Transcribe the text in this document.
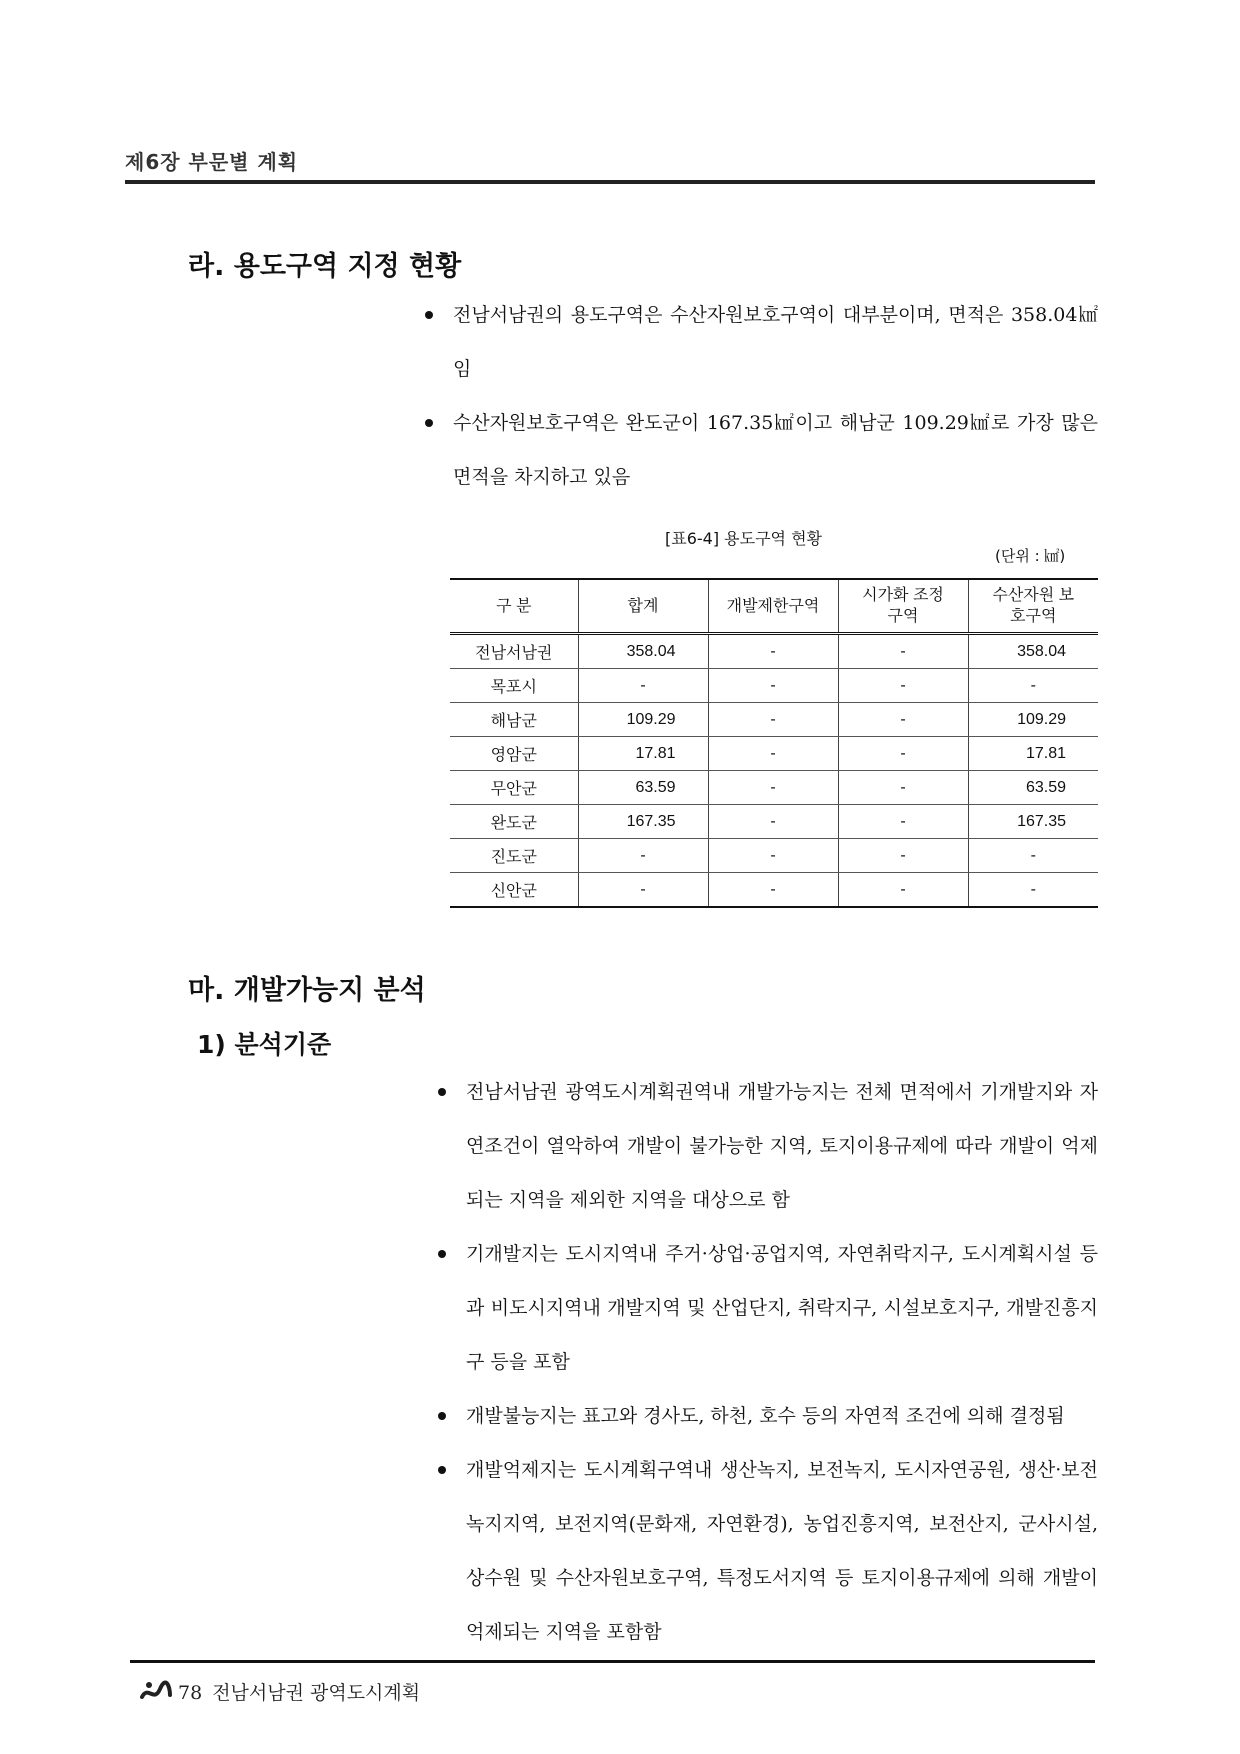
제6장 부문별 계획
라. 용도구역 지정 현황
전남서남권의 용도구역은 수산자원보호구역이 대부분이며, 면적은 358.04㎢임
수산자원보호구역은 완도군이 167.35㎢이고 해남군 109.29㎢로 가장 많은 면적을 차지하고 있음
[표6-4] 용도구역 현황
(단위 : ㎢)
구 분	합계	개발제한구역	시가화 조정구역	수산자원 보호구역
전남서남권	358.04	-	-	358.04
목포시	-	-	-	-
해남군	109.29	-	-	109.29
영암군	17.81	-	-	17.81
무안군	63.59	-	-	63.59
완도군	167.35	-	-	167.35
진도군	-	-	-	-
신안군	-	-	-	-
마. 개발가능지 분석
1) 분석기준
전남서남권 광역도시계획권역내 개발가능지는 전체 면적에서 기개발지와 자연조건이 열악하여 개발이 불가능한 지역, 토지이용규제에 따라 개발이 억제되는 지역을 제외한 지역을 대상으로 함
기개발지는 도시지역내 주거·상업·공업지역, 자연취락지구, 도시계획시설 등과 비도시지역내 개발지역 및 산업단지, 취락지구, 시설보호지구, 개발진흥지구 등을 포함
개발불능지는 표고와 경사도, 하천, 호수 등의 자연적 조건에 의해 결정됨
개발억제지는 도시계획구역내 생산녹지, 보전녹지, 도시자연공원, 생산·보전녹지지역, 보전지역(문화재, 자연환경), 농업진흥지역, 보전산지, 군사시설, 상수원 및 수산자원보호구역, 특정도서지역 등 토지이용규제에 의해 개발이 억제되는 지역을 포함함
78 전남서남권 광역도시계획
